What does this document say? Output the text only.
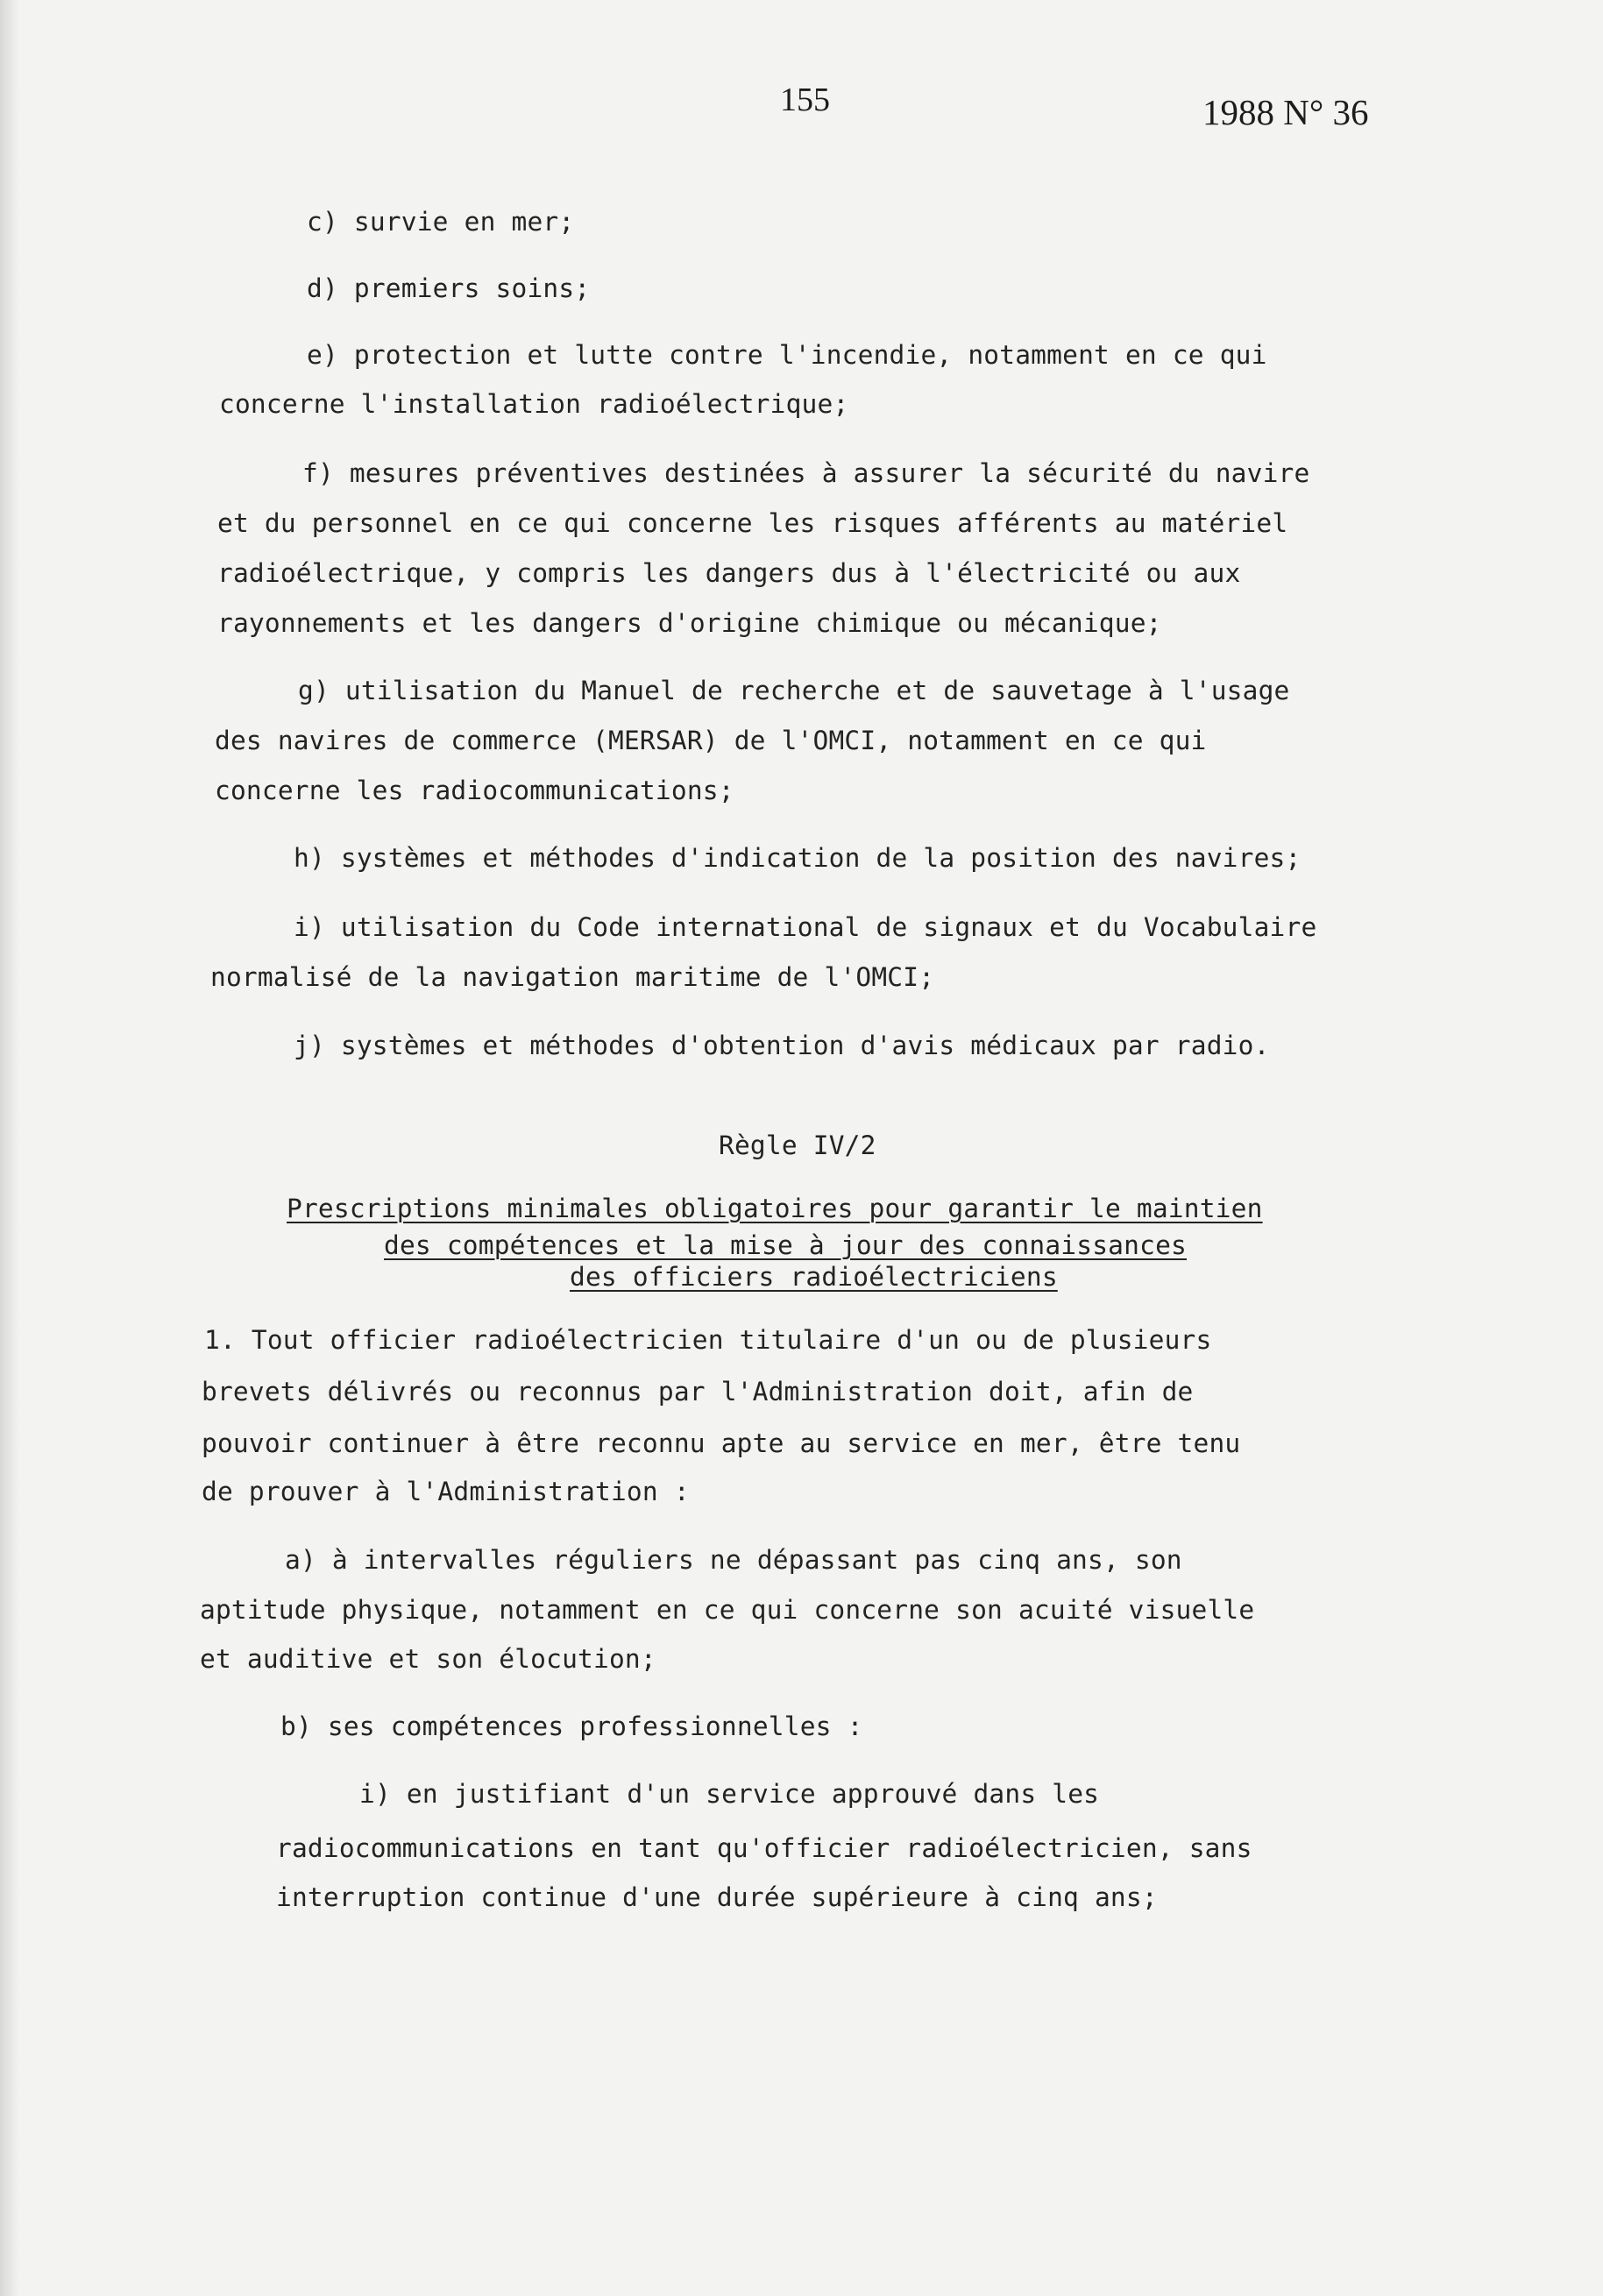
155	1988 N° 36
c) survie en mer;
d) premiers soins;
e) protection et lutte contre l'incendie, notamment en ce qui
concerne l'installation radioélectrique;
f) mesures préventives destinées à assurer la sécurité du navire
et du personnel en ce qui concerne les risques afférents au matériel
radioélectrique, y compris les dangers dus à l'électricité ou aux
rayonnements et les dangers d'origine chimique ou mécanique;
g) utilisation du Manuel de recherche et de sauvetage à l'usage
des navires de commerce (MERSAR) de l'OMCI, notamment en ce qui
concerne les radiocommunications;
h) systèmes et méthodes d'indication de la position des navires;
i) utilisation du Code international de signaux et du Vocabulaire
normalisé de la navigation maritime de l'OMCI;
j) systèmes et méthodes d'obtention d'avis médicaux par radio.
Règle IV/2
Prescriptions minimales obligatoires pour garantir le maintien
des compétences et la mise à jour des connaissances
des officiers radioélectriciens
1. Tout officier radioélectricien titulaire d'un ou de plusieurs
brevets délivrés ou reconnus par l'Administration doit, afin de
pouvoir continuer à être reconnu apte au service en mer, être tenu
de prouver à l'Administration :
a) à intervalles réguliers ne dépassant pas cinq ans, son
aptitude physique, notamment en ce qui concerne son acuité visuelle
et auditive et son élocution;
b) ses compétences professionnelles :
i) en justifiant d'un service approuvé dans les
radiocommunications en tant qu'officier radioélectricien, sans
interruption continue d'une durée supérieure à cinq ans;
